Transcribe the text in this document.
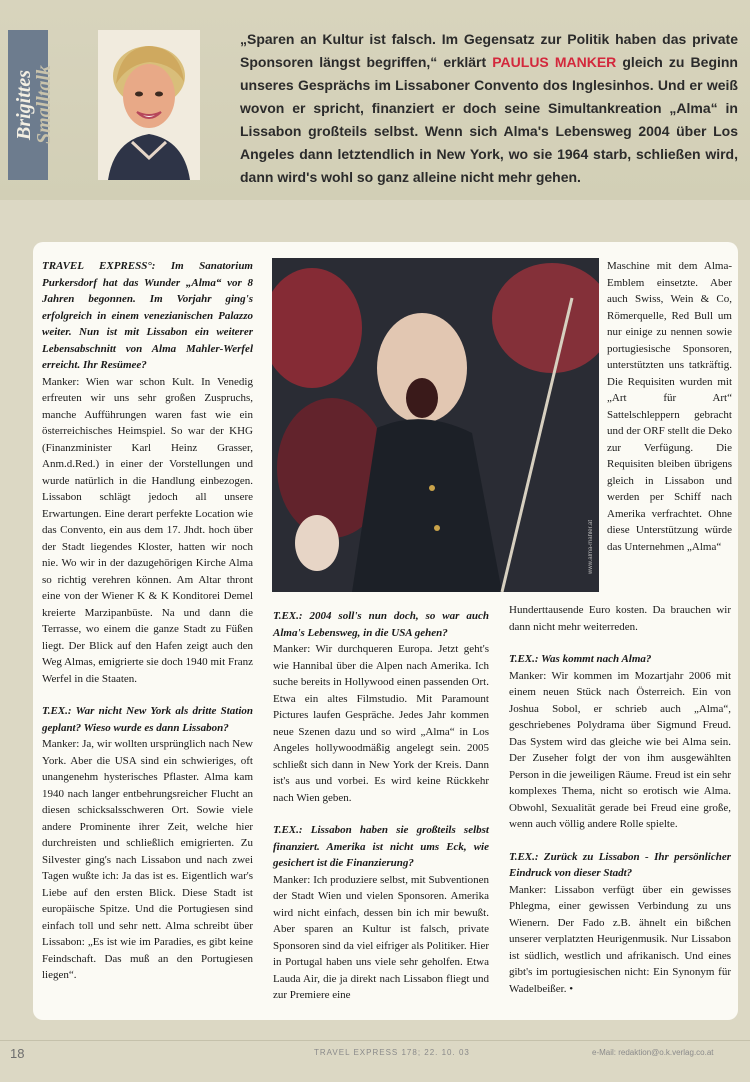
Brigittes
Smalltalk
„Sparen an Kultur ist falsch. Im Gegensatz zur Politik haben das private Sponsoren längst begriffen,“ erklärt PAULUS MANKER gleich zu Beginn unseres Gesprächs im Lissaboner Convento dos Inglesinhos. Und er weiß wovon er spricht, finanziert er doch seine Simultankreation „Alma“ in Lissabon großteils selbst. Wenn sich Alma's Lebensweg 2004 über Los Angeles dann letztendlich in New York, wo sie 1964 starb, schließen wird, dann wird's wohl so ganz alleine nicht mehr gehen.

TRAVEL EXPRESS°: Im Sanatorium Purkersdorf hat das Wunder „Alma“ vor 8 Jahren begonnen. Im Vorjahr ging's erfolgreich in einem venezianischen Palazzo weiter. Nun ist mit Lissabon ein weiterer Lebensabschnitt von Alma Mahler-Werfel erreicht. Ihr Resümee?
Manker: Wien war schon Kult. In Venedig erfreuten wir uns sehr großen Zuspruchs, manche Aufführungen waren fast wie ein österreichisches Heimspiel. So war der KHG (Finanzminister Karl Heinz Grasser, Anm.d.Red.) in einer der Vorstellungen und wurde natürlich in die Handlung einbezogen. Lissabon schlägt jedoch all unsere Erwartungen. Eine derart perfekte Location wie das Convento, ein aus dem 17. Jhdt. hoch über der Stadt liegendes Kloster, hatten wir noch nie. Wo wir in der dazugehörigen Kirche Alma so richtig verehren können. Am Altar thront eine von der Wiener K & K Konditorei Demel kreierte Marzipanbüste. Na und dann die Terrasse, wo einem die ganze Stadt zu Füßen liegt. Der Blick auf den Hafen zeigt auch den Weg Almas, emigrierte sie doch 1940 mit Franz Werfel in die Staaten.

T.EX.: War nicht New York als dritte Station geplant? Wieso wurde es dann Lissabon?
Manker: Ja, wir wollten ursprünglich nach New York. Aber die USA sind ein schwieriges, oft unangenehm hysterisches Pflaster. Alma kam 1940 nach langer entbehrungsreicher Flucht an diesen schicksalsschweren Ort. Sowie viele andere Prominente ihrer Zeit, welche hier durchreisten und schließlich emigrierten. Zu Silvester ging's nach Lissabon und nach zwei Tagen wußte ich: Ja das ist es. Eigentlich war's Liebe auf den ersten Blick. Diese Stadt ist europäische Spitze. Und die Portugiesen sind einfach toll und sehr nett. Alma schreibt über Lissabon: „Es ist wie im Paradies, es gibt keine Feindschaft. Das muß an den Portugiesen liegen“.

www.alma-mahler.at
Maschine mit dem Alma-Emblem einsetzte. Aber auch Swiss, Wein & Co, Römerquelle, Red Bull um nur einige zu nennen sowie portugiesische Sponsoren, unterstützten uns tatkräftig. Die Requisiten wurden mit „Art für Art“ Sattelschleppern gebracht und der ORF stellt die Deko zur Verfügung. Die Requisiten bleiben übrigens gleich in Lissabon und werden per Schiff nach Amerika verfrachtet. Ohne diese Unterstützung würde das Unternehmen „Alma“

T.EX.: 2004 soll's nun doch, so war auch Alma's Lebensweg, in die USA gehen?
Manker: Wir durchqueren Europa. Jetzt geht's wie Hannibal über die Alpen nach Amerika. Ich suche bereits in Hollywood einen passenden Ort. Etwa ein altes Filmstudio. Mit Paramount Pictures laufen Gespräche. Jedes Jahr kommen neue Szenen dazu und so wird „Alma“ in Los Angeles hollywoodmäßig angelegt sein. 2005 schließt sich dann in New York der Kreis. Dann ist's aus und vorbei. Es wird keine Rückkehr nach Wien geben.

T.EX.: Lissabon haben sie großteils selbst finanziert. Amerika ist nicht ums Eck, wie gesichert ist die Finanzierung?
Manker: Ich produziere selbst, mit Subventionen der Stadt Wien und vielen Sponsoren. Amerika wird nicht einfach, dessen bin ich mir bewußt. Aber sparen an Kultur ist falsch, private Sponsoren sind da viel eifriger als Politiker. Hier in Portugal haben uns viele sehr geholfen. Etwa Lauda Air, die ja direkt nach Lissabon fliegt und zur Premiere eine

Hunderttausende Euro kosten. Da brauchen wir dann nicht mehr weiterreden.

T.EX.: Was kommt nach Alma?
Manker: Wir kommen im Mozartjahr 2006 mit einem neuen Stück nach Österreich. Ein von Joshua Sobol, er schrieb auch „Alma“, geschriebenes Polydrama über Sigmund Freud. Das System wird das gleiche wie bei Alma sein. Der Zuseher folgt der von ihm ausgewählten Person in die jeweiligen Räume. Freud ist ein sehr komplexes Thema, nicht so erotisch wie Alma. Obwohl, Sexualität gerade bei Freud eine große, wenn auch völlig andere Rolle spielte.

T.EX.: Zurück zu Lissabon - Ihr persönlicher Eindruck von dieser Stadt?
Manker: Lissabon verfügt über ein gewisses Phlegma, einer gewissen Verbindung zu uns Wienern. Der Fado z.B. ähnelt ein bißchen unserer verplatzten Heurigenmusik. Nur Lissabon ist südlich, westlich und afrikanisch. Und eines gibt's im portugiesischen nicht: Ein Synonym für Wadelbeißer. •

18	TRAVEL EXPRESS 178; 22. 10. 03	e-Mail: redaktion@o.k.verlag.co.at
